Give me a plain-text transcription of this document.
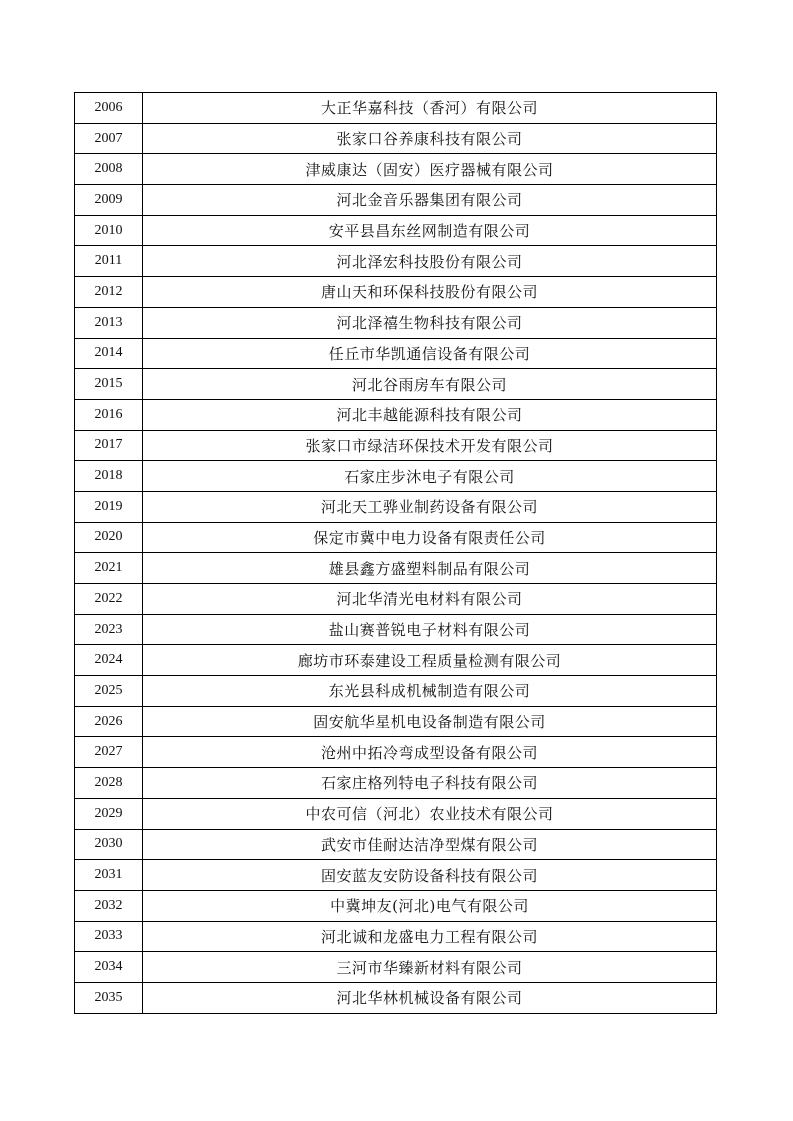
2006	大正华嘉科技（香河）有限公司
2007	张家口谷养康科技有限公司
2008	津威康达（固安）医疗器械有限公司
2009	河北金音乐器集团有限公司
2010	安平县昌东丝网制造有限公司
2011	河北泽宏科技股份有限公司
2012	唐山天和环保科技股份有限公司
2013	河北泽禧生物科技有限公司
2014	任丘市华凯通信设备有限公司
2015	河北谷雨房车有限公司
2016	河北丰越能源科技有限公司
2017	张家口市绿洁环保技术开发有限公司
2018	石家庄步沐电子有限公司
2019	河北天工骅业制药设备有限公司
2020	保定市冀中电力设备有限责任公司
2021	雄县鑫方盛塑料制品有限公司
2022	河北华清光电材料有限公司
2023	盐山赛普锐电子材料有限公司
2024	廊坊市环泰建设工程质量检测有限公司
2025	东光县科成机械制造有限公司
2026	固安航华星机电设备制造有限公司
2027	沧州中拓冷弯成型设备有限公司
2028	石家庄格列特电子科技有限公司
2029	中农可信（河北）农业技术有限公司
2030	武安市佳耐达洁净型煤有限公司
2031	固安蓝友安防设备科技有限公司
2032	中冀坤友(河北)电气有限公司
2033	河北诚和龙盛电力工程有限公司
2034	三河市华臻新材料有限公司
2035	河北华林机械设备有限公司
